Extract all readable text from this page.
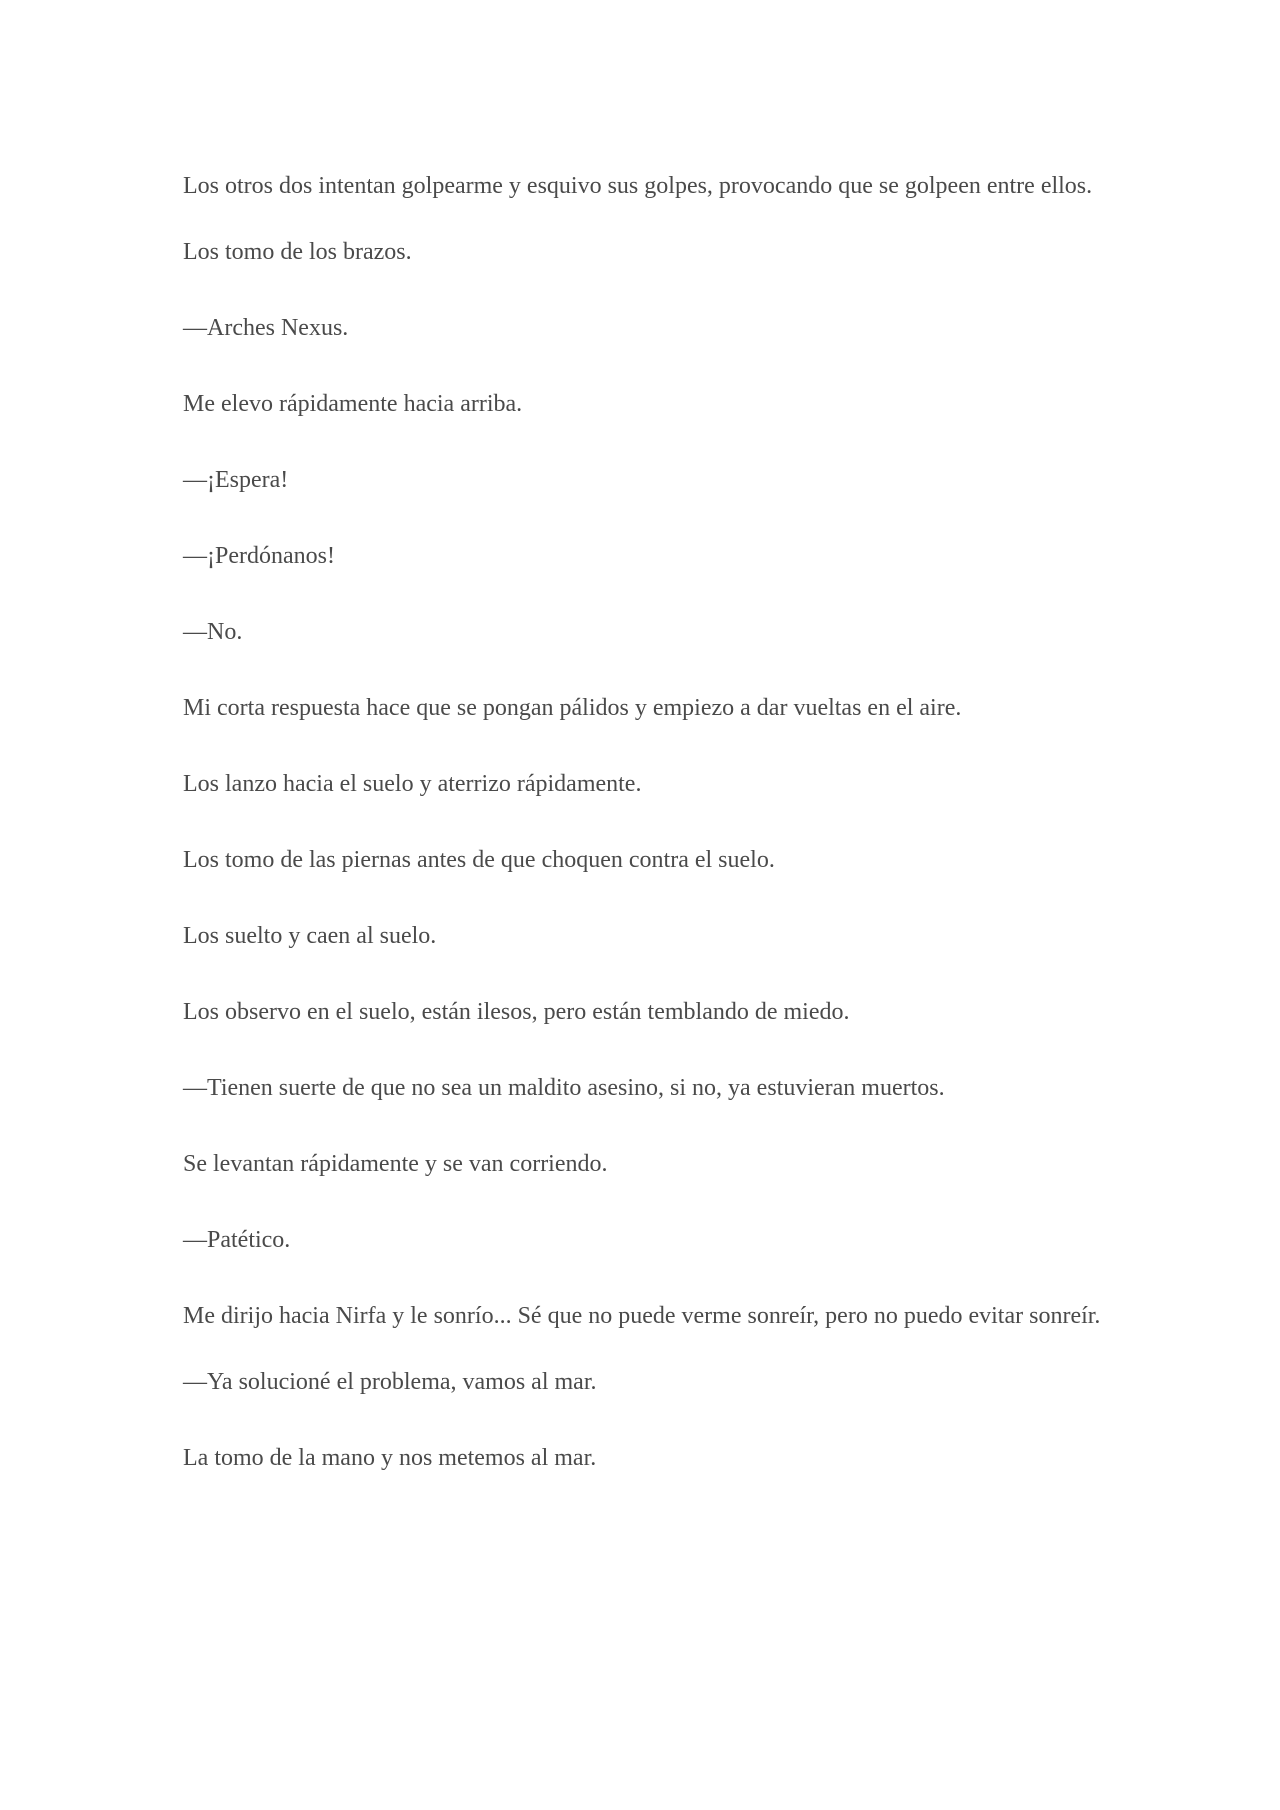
Los otros dos intentan golpearme y esquivo sus golpes, provocando que se golpeen entre ellos.

Los tomo de los brazos.

—Arches Nexus.

Me elevo rápidamente hacia arriba.

—¡Espera!

—¡Perdónanos!

—No.

Mi corta respuesta hace que se pongan pálidos y empiezo a dar vueltas en el aire.

Los lanzo hacia el suelo y aterrizo rápidamente.

Los tomo de las piernas antes de que choquen contra el suelo.

Los suelto y caen al suelo.

Los observo en el suelo, están ilesos, pero están temblando de miedo.

—Tienen suerte de que no sea un maldito asesino, si no, ya estuvieran muertos.

Se levantan rápidamente y se van corriendo.

—Patético.

Me dirijo hacia Nirfa y le sonrío... Sé que no puede verme sonreír, pero no puedo evitar sonreír.

—Ya solucioné el problema, vamos al mar.

La tomo de la mano y nos metemos al mar.
